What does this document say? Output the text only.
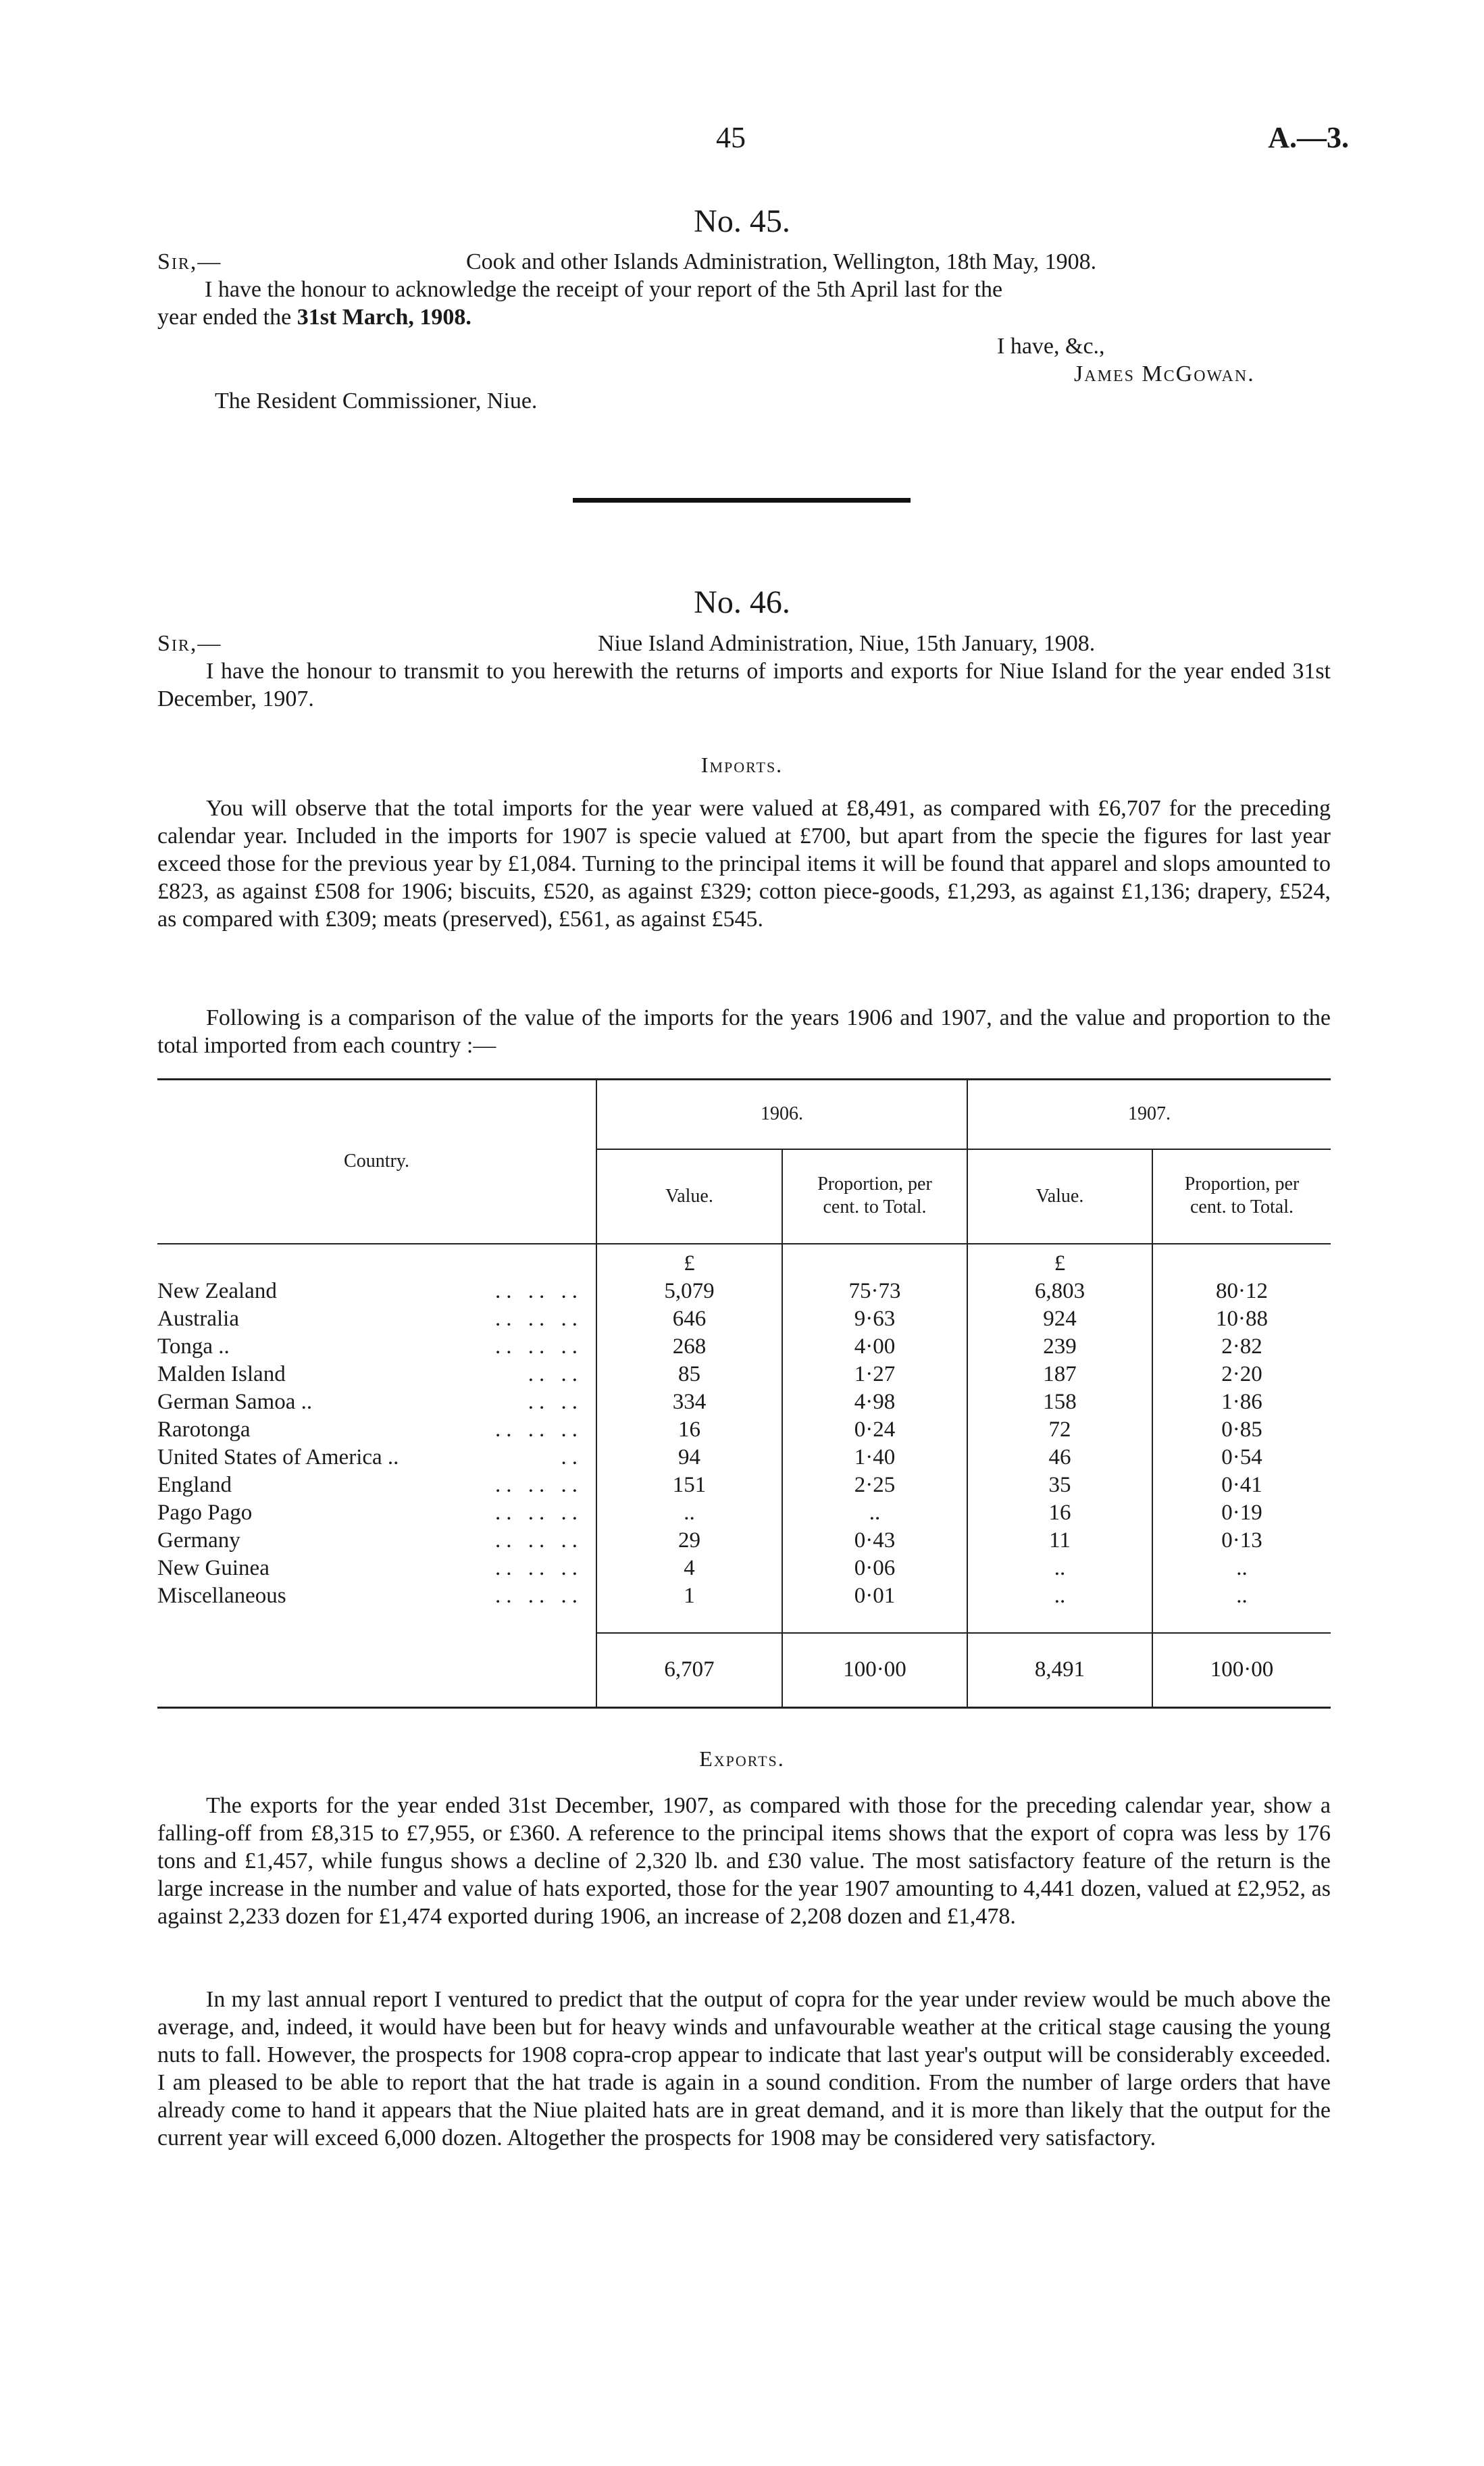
45	A.—3.
No. 45.
Sir,—	Cook and other Islands Administration, Wellington, 18th May, 1908.
I have the honour to acknowledge the receipt of your report of the 5th April last for the
year ended the 31st March, 1908.
I have, &c.,
James McGowan.
The Resident Commissioner, Niue.
No. 46.
Sir,—	Niue Island Administration, Niue, 15th January, 1908.
I have the honour to transmit to you herewith the returns of imports and exports for Niue Island for the year ended 31st December, 1907.
Imports.
You will observe that the total imports for the year were valued at £8,491, as compared with £6,707 for the preceding calendar year. Included in the imports for 1907 is specie valued at £700, but apart from the specie the figures for last year exceed those for the previous year by £1,084. Turning to the principal items it will be found that apparel and slops amounted to £823, as against £508 for 1906; biscuits, £520, as against £329; cotton piece-goods, £1,293, as against £1,136; drapery, £524, as compared with £309; meats (preserved), £561, as against £545.
Following is a comparison of the value of the imports for the years 1906 and 1907, and the value and proportion to the total imported from each country :—
Country.
1906.	1907.
Value.
Proportion, per
cent. to Total.
Value.
Proportion, per
cent. to Total.
£	£
New Zealand	.. .. ..	5,079	75·73	6,803	80·12
Australia	.. .. ..	646	9·63	924	10·88
Tonga ..	.. .. ..	268	4·00	239	2·82
Malden Island	.. ..	85	1·27	187	2·20
German Samoa ..	.. ..	334	4·98	158	1·86
Rarotonga	.. .. ..	16	0·24	72	0·85
United States of America ..	..	94	1·40	46	0·54
England	.. .. ..	151	2·25	35	0·41
Pago Pago	.. .. ..	..	..	16	0·19
Germany	.. .. ..	29	0·43	11	0·13
New Guinea	.. .. ..	4	0·06	..	..
Miscellaneous	.. .. ..	1	0·01	..	..
6,707	100·00	8,491	100·00
Exports.
The exports for the year ended 31st December, 1907, as compared with those for the preceding calendar year, show a falling-off from £8,315 to £7,955, or £360. A reference to the principal items shows that the export of copra was less by 176 tons and £1,457, while fungus shows a decline of 2,320 lb. and £30 value. The most satisfactory feature of the return is the large increase in the number and value of hats exported, those for the year 1907 amounting to 4,441 dozen, valued at £2,952, as against 2,233 dozen for £1,474 exported during 1906, an increase of 2,208 dozen and £1,478.
In my last annual report I ventured to predict that the output of copra for the year under review would be much above the average, and, indeed, it would have been but for heavy winds and unfavourable weather at the critical stage causing the young nuts to fall. However, the prospects for 1908 copra-crop appear to indicate that last year's output will be considerably exceeded. I am pleased to be able to report that the hat trade is again in a sound condition. From the number of large orders that have already come to hand it appears that the Niue plaited hats are in great demand, and it is more than likely that the output for the current year will exceed 6,000 dozen. Altogether the prospects for 1908 may be considered very satisfactory.
